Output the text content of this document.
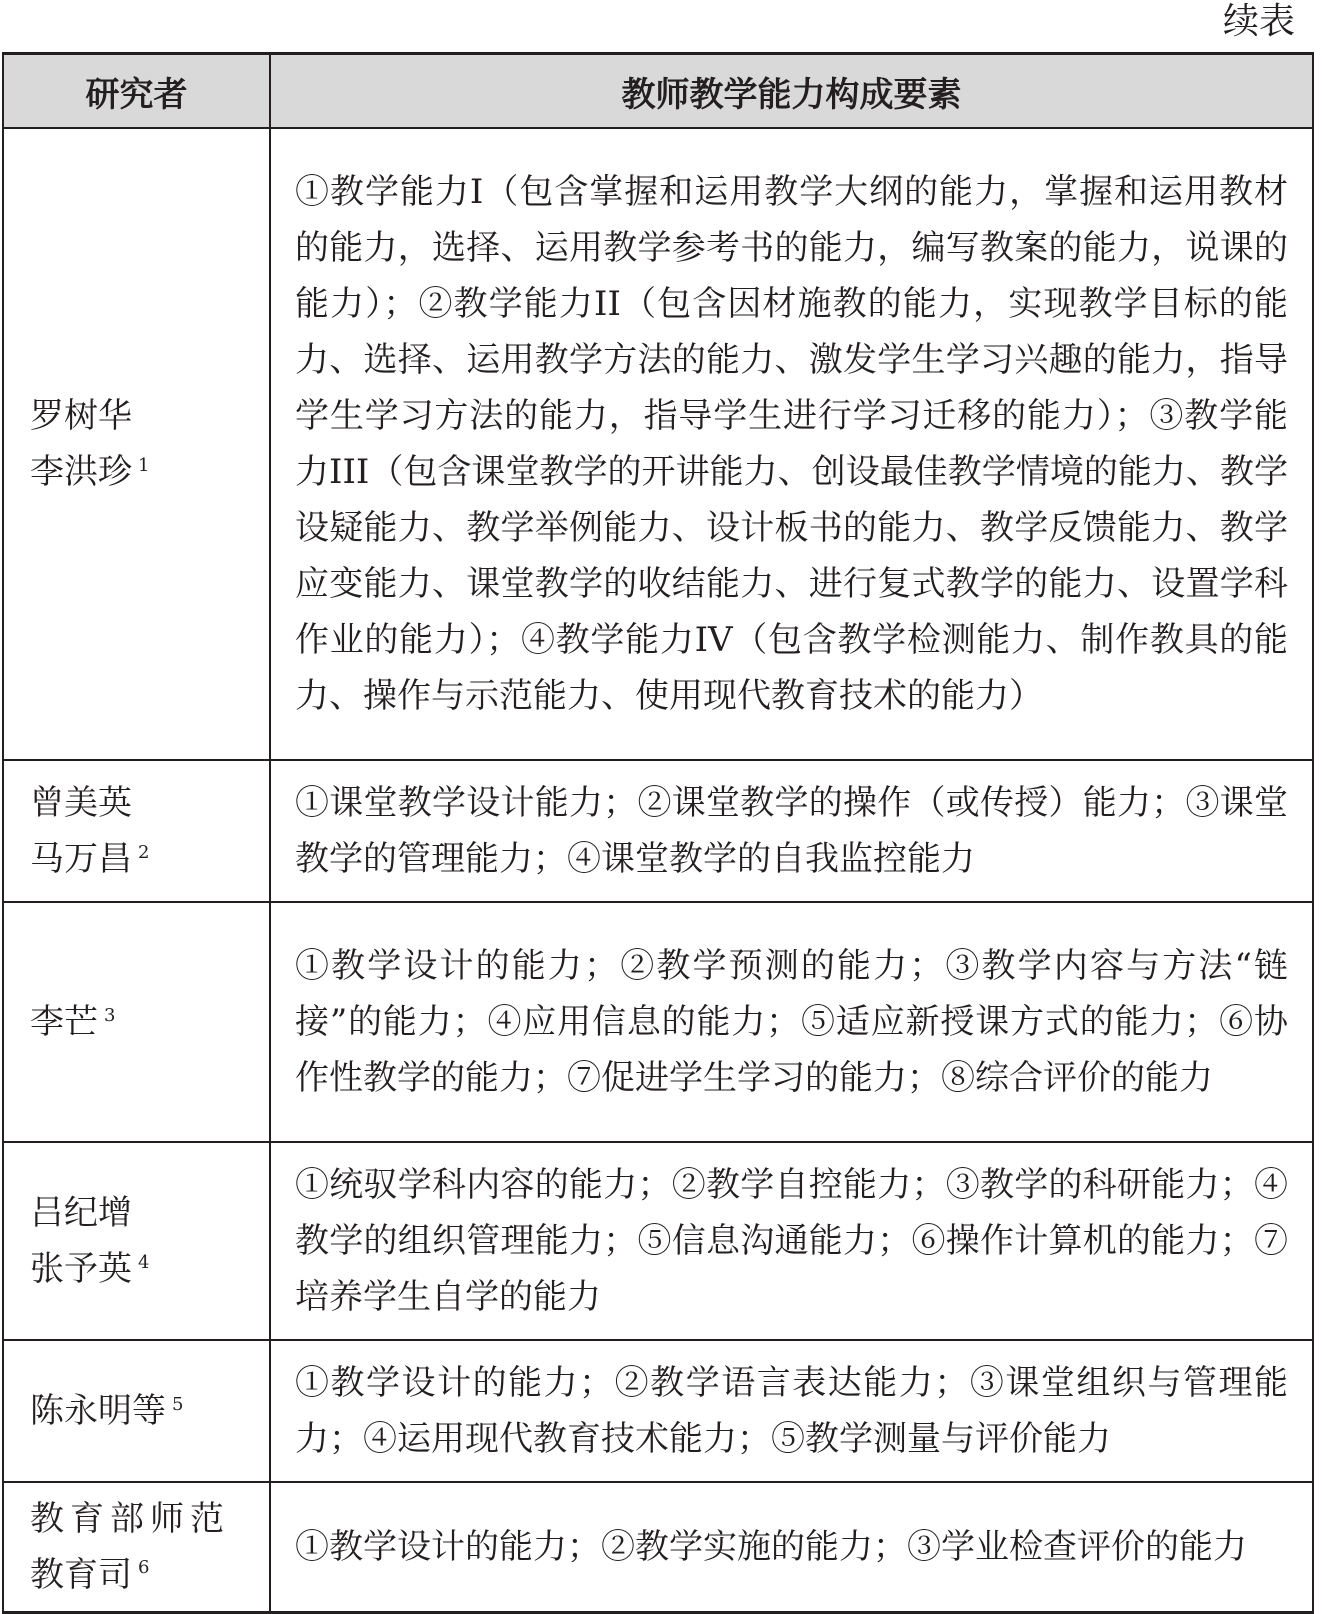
续表
研究者	教师教学能力构成要素

罗树华
李洪珍 $^1$	①教学能力I（包含掌握和运用教学大纲的能力，掌握和运用教材的能力，选择、运用教学参考书的能力，编写教案的能力，说课的能力）；②教学能力II（包含因材施教的能力，实现教学目标的能力、选择、运用教学方法的能力、激发学生学习兴趣的能力，指导学生学习方法的能力，指导学生进行学习迁移的能力）；③教学能力III（包含课堂教学的开讲能力、创设最佳教学情境的能力、教学设疑能力、教学举例能力、设计板书的能力、教学反馈能力、教学应变能力、课堂教学的收结能力、进行复式教学的能力、设置学科作业的能力）；④教学能力IV（包含教学检测能力、制作教具的能力、操作与示范能力、使用现代教育技术的能力）

曾美英
马万昌 $^2$	①课堂教学设计能力；②课堂教学的操作（或传授）能力；③课堂教学的管理能力；④课堂教学的自我监控能力

李芒 $^3$	①教学设计的能力；②教学预测的能力；③教学内容与方法“链接”的能力；④应用信息的能力；⑤适应新授课方式的能力；⑥协作性教学的能力；⑦促进学生学习的能力；⑧综合评价的能力

吕纪增
张予英 $^4$	①统驭学科内容的能力；②教学自控能力；③教学的科研能力；④教学的组织管理能力；⑤信息沟通能力；⑥操作计算机的能力；⑦培养学生自学的能力

陈永明等 $^5$	①教学设计的能力；②教学语言表达能力；③课堂组织与管理能力；④运用现代教育技术能力；⑤教学测量与评价能力

教育部师范
教育司 $^6$	①教学设计的能力；②教学实施的能力；③学业检查评价的能力
